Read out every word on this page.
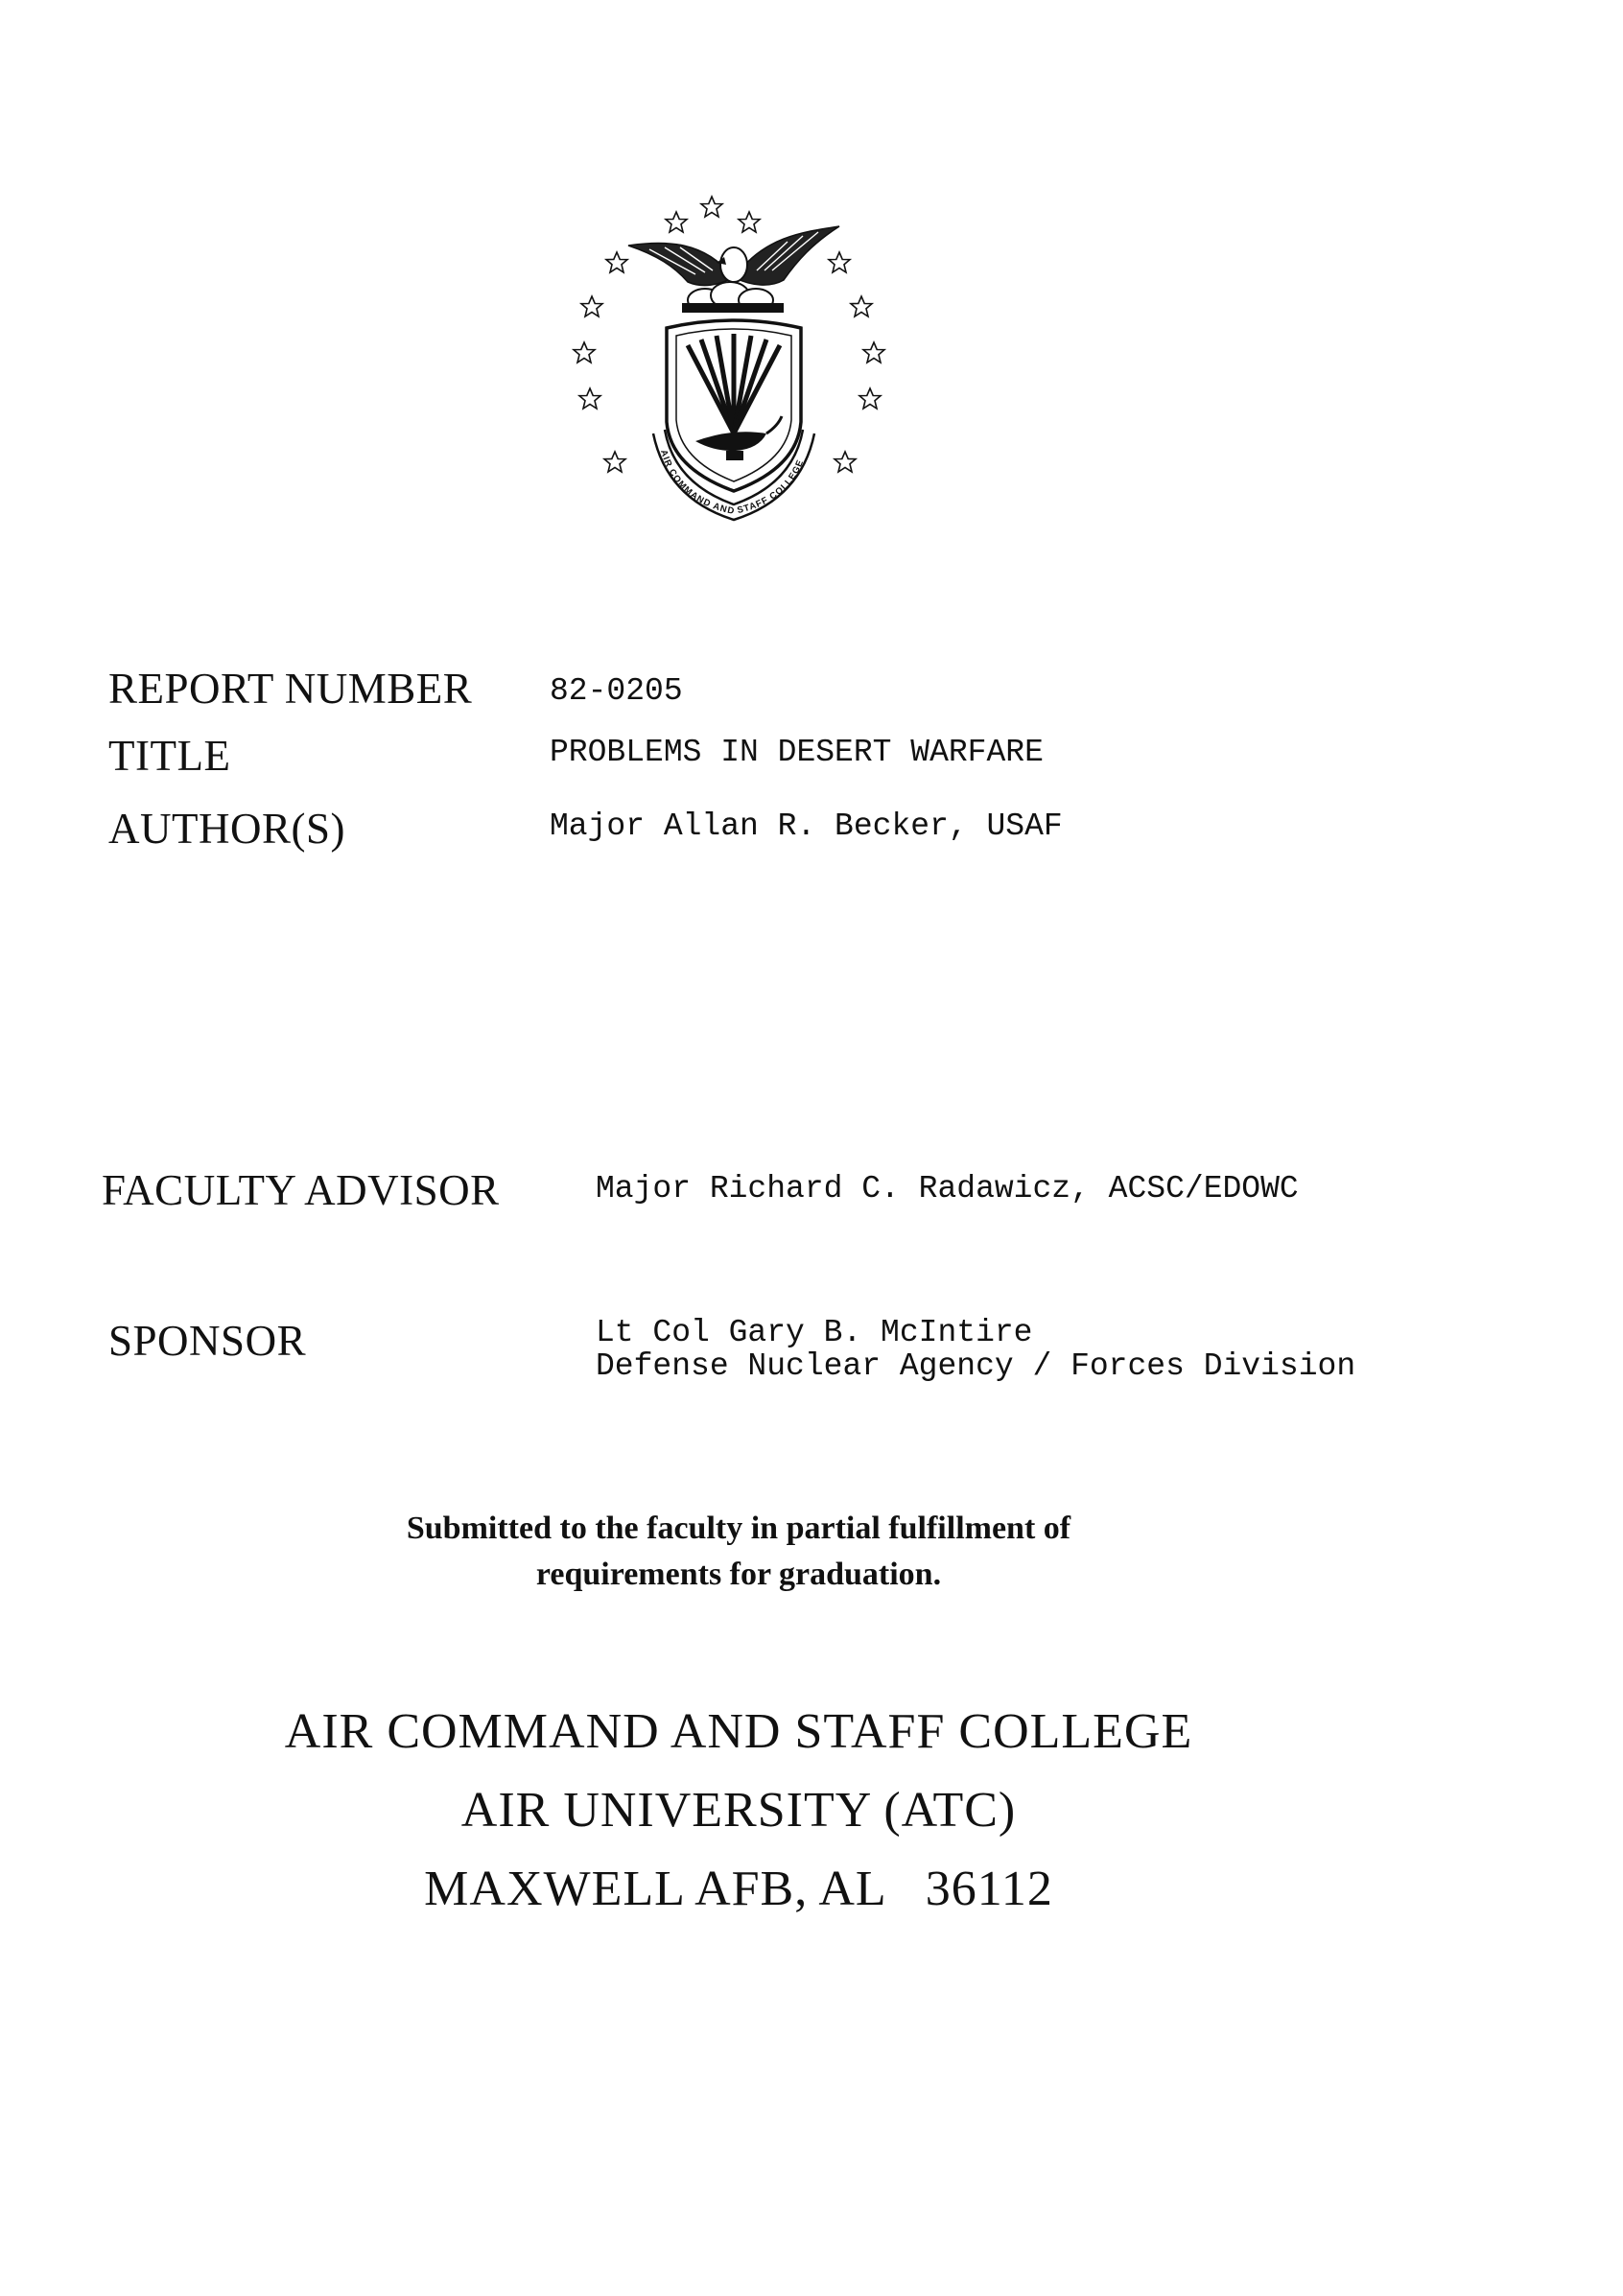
AIR COMMAND AND STAFF COLLEGE
REPORT NUMBER 82-0205
TITLE	PROBLEMS IN DESERT WARFARE
AUTHOR(S)	Major Allan R. Becker, USAF
FACULTY ADVISOR	Major Richard C. Radawicz, ACSC/EDOWC
SPONSOR	Lt Col Gary B. McIntire
Defense Nuclear Agency / Forces Division
Submitted to the faculty in partial fulfillment of
requirements for graduation.
AIR COMMAND AND STAFF COLLEGE
AIR UNIVERSITY (ATC)
MAXWELL AFB, AL   36112
